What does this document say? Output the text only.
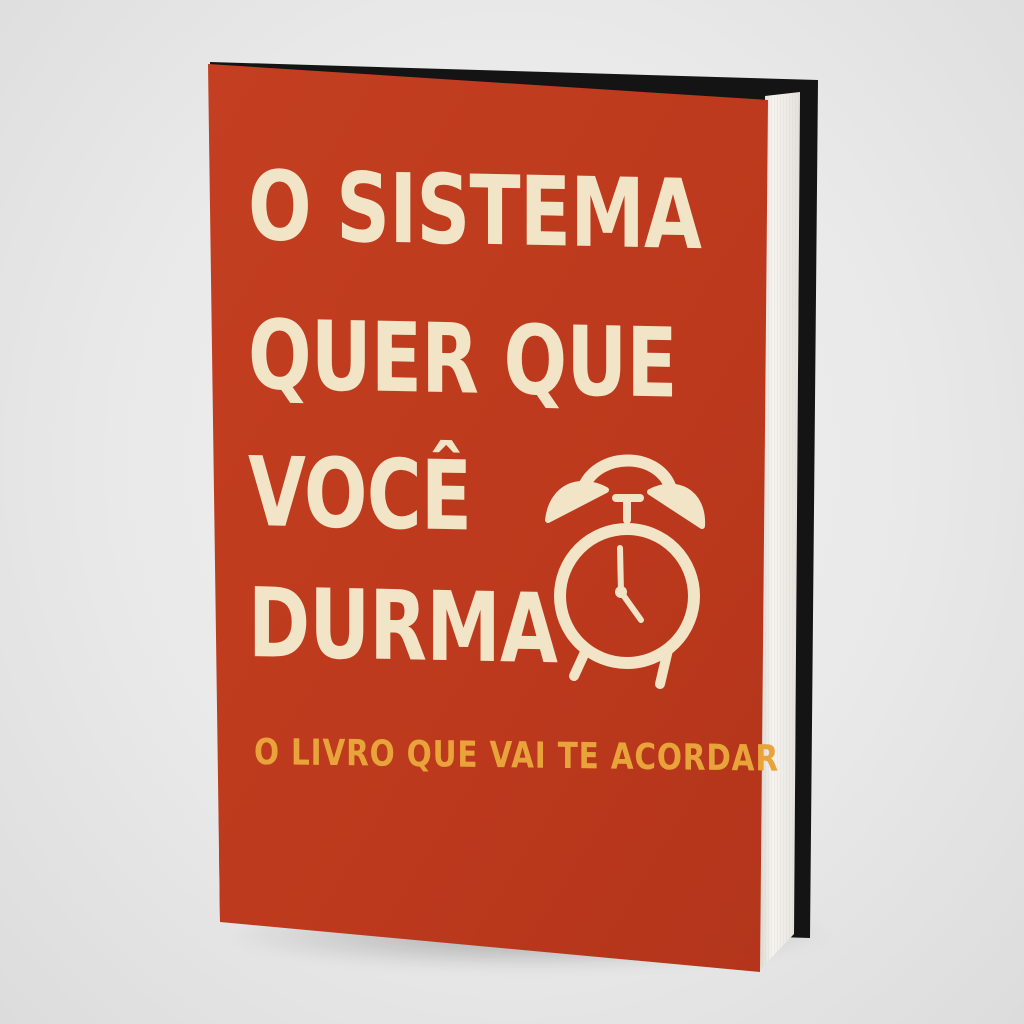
O SISTEMA
QUER QUE
VOCÊ
DURMA
O LIVRO QUE VAI TE ACORDAR
